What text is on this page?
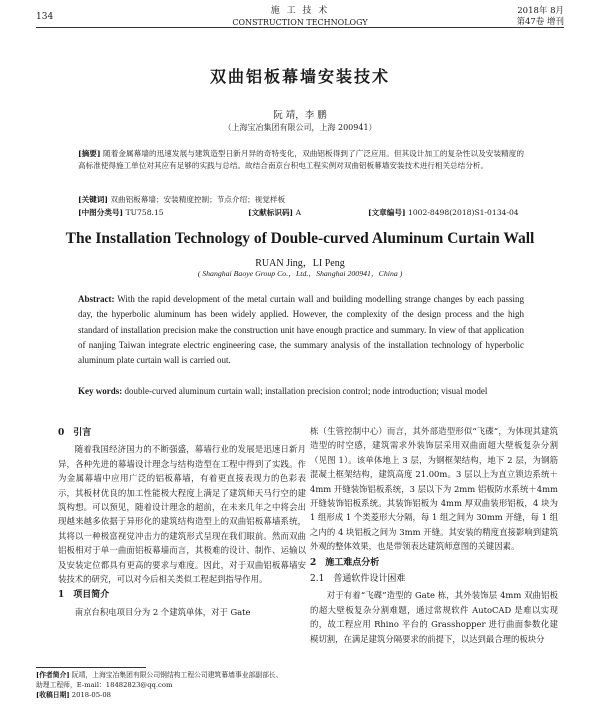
134
施 工 技 术
CONSTRUCTION TECHNOLOGY
2018年 8月
第47卷 增刊
双曲铝板幕墙安装技术
阮 靖，李 鹏
（上海宝冶集团有限公司，上海 200941）
[摘要] 随着金属幕墙的迅速发展与建筑造型日新月异的奇特变化，双曲铝板得到了广泛应用。但其设计加工的复杂性以及安装精度的高标准使得施工单位对其应有足够的实践与总结。故结合南京台积电工程实例对双曲铝板幕墙安装技术进行相关总结分析。
[关键词] 双曲铝板幕墙；安装精度控制；节点介绍；视觉样板
[中图分类号] TU758.15	[文献标识码] A	[文章编号] 1002-8498(2018)S1-0134-04
The Installation Technology of Double-curved Aluminum Curtain Wall
RUAN Jing，LI Peng
( Shanghai Baoye Group Co.，Ltd.，Shanghai 200941，China )
Abstract: With the rapid development of the metal curtain wall and building modelling strange changes by each passing day, the hyperbolic aluminum has been widely applied. However, the complexity of the design process and the high standard of installation precision make the construction unit have enough practice and summary. In view of that application of nanjing Taiwan integrate electric engineering case, the summary analysis of the installation technology of hyperbolic aluminum plate curtain wall is carried out.
Key words: double-curved aluminum curtain wall; installation precision control; node introduction; visual model
0　引言

随着我国经济国力的不断强盛，幕墙行业的发展是迅速日新月异，各种先进的幕墙设计理念与结构造型在工程中得到了实践。作为金属幕墙中应用广泛的铝板幕墙，有着更直接表现力的色彩表示，其板材优良的加工性能极大程度上满足了建筑师天马行空的建筑构想。可以预见，随着设计理念的超前，在未来几年之中将会出现越来越多依据于异形化的建筑结构造型上的双曲铝板幕墙系统，其将以一种极富视觉冲击力的建筑形式呈现在我们眼前。然而双曲铝板相对于单一曲面铝板幕墙而言，其极难的设计、制作、运输以及安装定位都具有更高的要求与难度。因此，对于双曲铝板幕墙安装技术的研究，可以对今后相关类似工程起到指导作用。

1　项目简介

南京台积电项目分为 2 个建筑单体，对于 Gate

栋（生管控制中心）而言，其外部造型形似“飞碟”，为体现其建筑造型的时空感，建筑需求外装饰层采用双曲面超大壁板复杂分割（见图 1）。该单体地上 3 层，为钢框架结构，地下 2 层，为钢筋混凝土框架结构，建筑高度 21.00m。3 层以上为直立锁边系统＋4mm 开缝装饰铝板系统，3 层以下为 2mm 铝板防水系统＋4mm 开缝装饰铝板系统。其装饰铝板为 4mm 厚双曲装形铝板，4 块为 1 组形成 1 个类菱形大分隔，每 1 组之间为 30mm 开缝，每 1 组之内的 4 块铝板之间为 3mm 开缝。其安装的精度直接影响到建筑外观的整体效果，也是带领表达建筑师意图的关键因素。

2　施工难点分析
2.1　普通软件设计困难

对于有着“飞碟”造型的 Gate 栋，其外装饰层 4mm 双曲铝板的超大壁板复杂分割难题，通过常规软件 AutoCAD 是难以实现的，故工程应用 Rhino 平台的 Grasshopper 进行曲面参数化建模切割，在满足建筑分隔要求的前提下，以达到最合理的板块分

[作者简介] 阮靖，上海宝冶集团有限公司钢结构工程公司建筑幕墙事业部副部长、助理工程师，E-mail：18482823@qq.com
[收稿日期] 2018-05-08
